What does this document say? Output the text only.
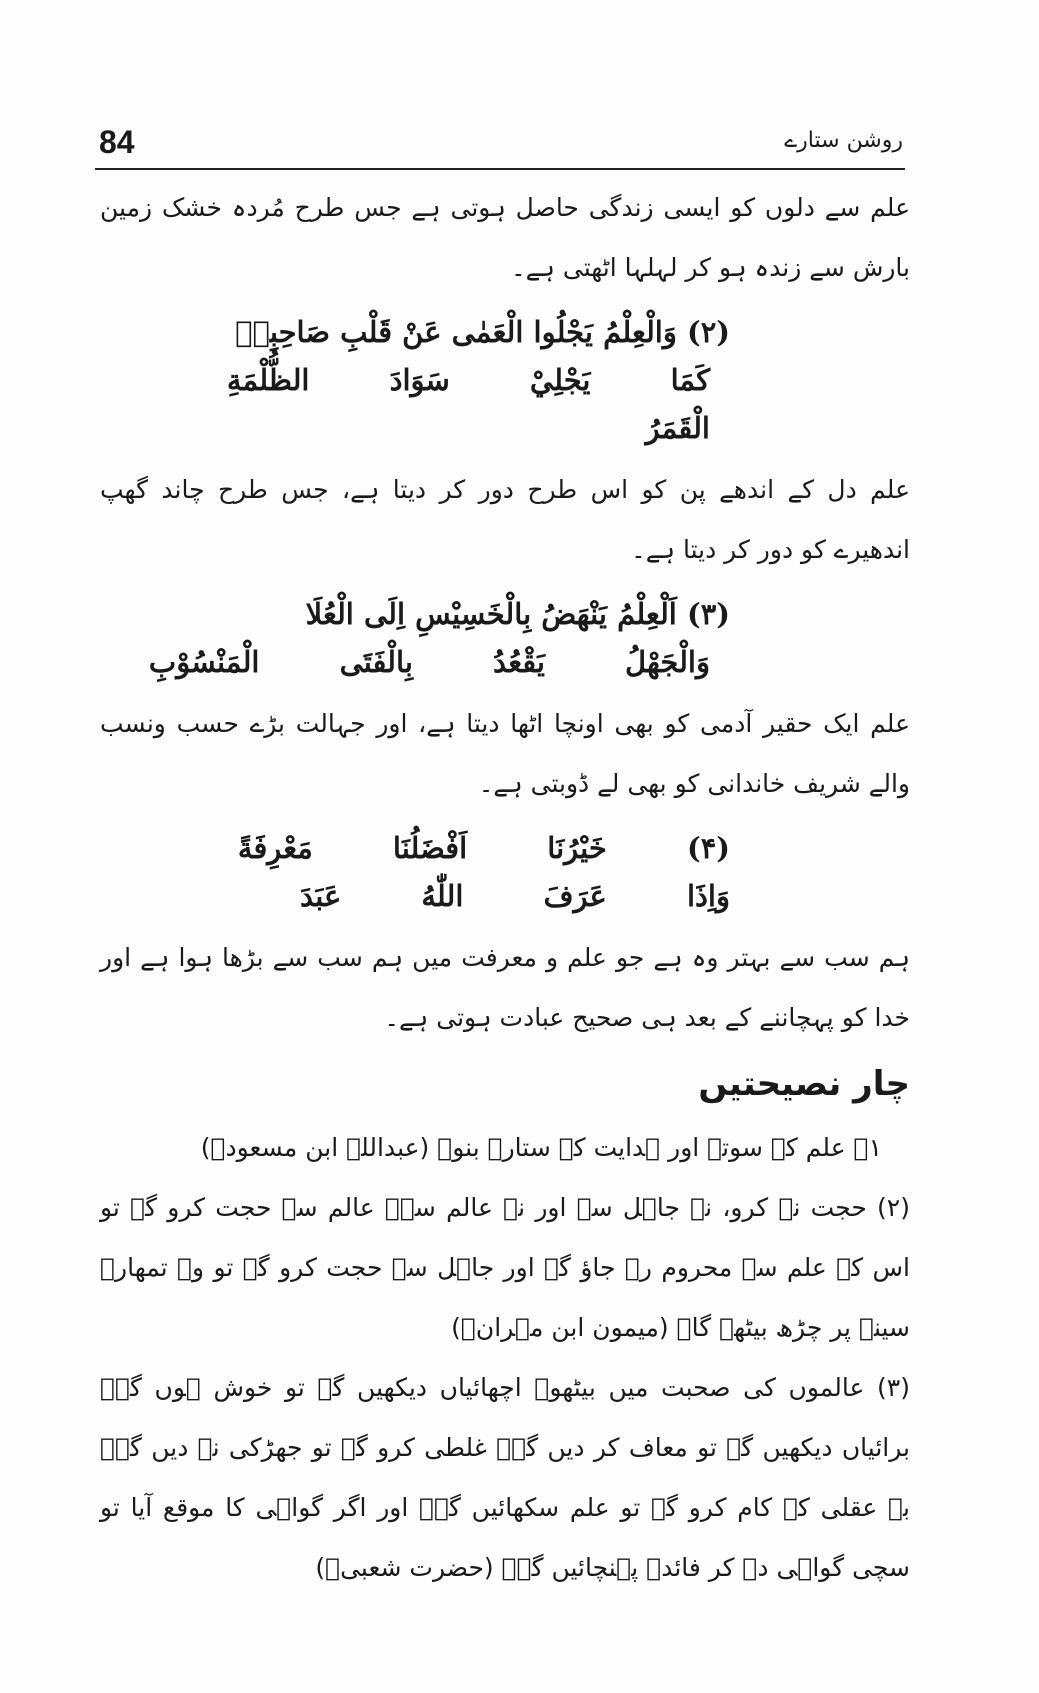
84	روشن ستارے

علم سے دلوں کو ایسی زندگی حاصل ہوتی ہے جس طرح مُردہ خشک زمین بارش سے زندہ ہو کر لہلہا اٹھتی ہے۔

(۲) وَالْعِلْمُ يَجْلُوا الْعَمٰى عَنْ قَلْبِ صَاحِبِهٖ
كَمَا يَجْلِيْ سَوَادَ الظُّلْمَةِ الْقَمَرُ

علم دل کے اندھے پن کو اس طرح دور کر دیتا ہے، جس طرح چاند گھپ اندھیرے کو دور کر دیتا ہے۔

(۳) اَلْعِلْمُ يَنْهَضُ بِالْخَسِيْسِ اِلَى الْعُلَا
وَالْجَهْلُ يَقْعُدُ بِالْفَتَى الْمَنْسُوْبِ

علم ایک حقیر آدمی کو بھی اونچا اٹھا دیتا ہے، اور جہالت بڑے حسب ونسب والے شریف خاندانی کو بھی لے ڈوبتی ہے۔

(۴) خَيْرُنَا اَفْضَلُنَا مَعْرِفَةً
وَاِذَا عَرَفَ اللّٰهُ عَبَدَ

ہم سب سے بہتر وہ ہے جو علم و معرفت میں ہم سب سے بڑھا ہوا ہے اور خدا کو پہچاننے کے بعد ہی صحیح عبادت ہوتی ہے۔

چار نصیحتیں

۱۔ علم کے سوتے اور ہدایت کے ستارے بنو۔ (عبداللہ ابن مسعودؓ)

(۲) حجت نہ کرو، نہ جاہل سے اور نہ عالم سے۔ عالم سے حجت کرو گے تو اس کے علم سے محروم رہ جاؤ گے اور جاہل سے حجت کرو گے تو وہ تمھارے سینے پر چڑھ بیٹھے گا۔ (میمون ابن مہرانؒ)

(۳) عالموں کی صحبت میں بیٹھو۔ اچھائیاں دیکھیں گے تو خوش ہوں گے۔ برائیاں دیکھیں گے تو معاف کر دیں گے۔ غلطی کرو گے تو جھڑکی نہ دیں گے۔ بے عقلی کے کام کرو گے تو علم سکھائیں گے۔ اور اگر گواہی کا موقع آیا تو سچی گواہی دے کر فائدہ پہنچائیں گے۔ (حضرت شعبیؒ)
